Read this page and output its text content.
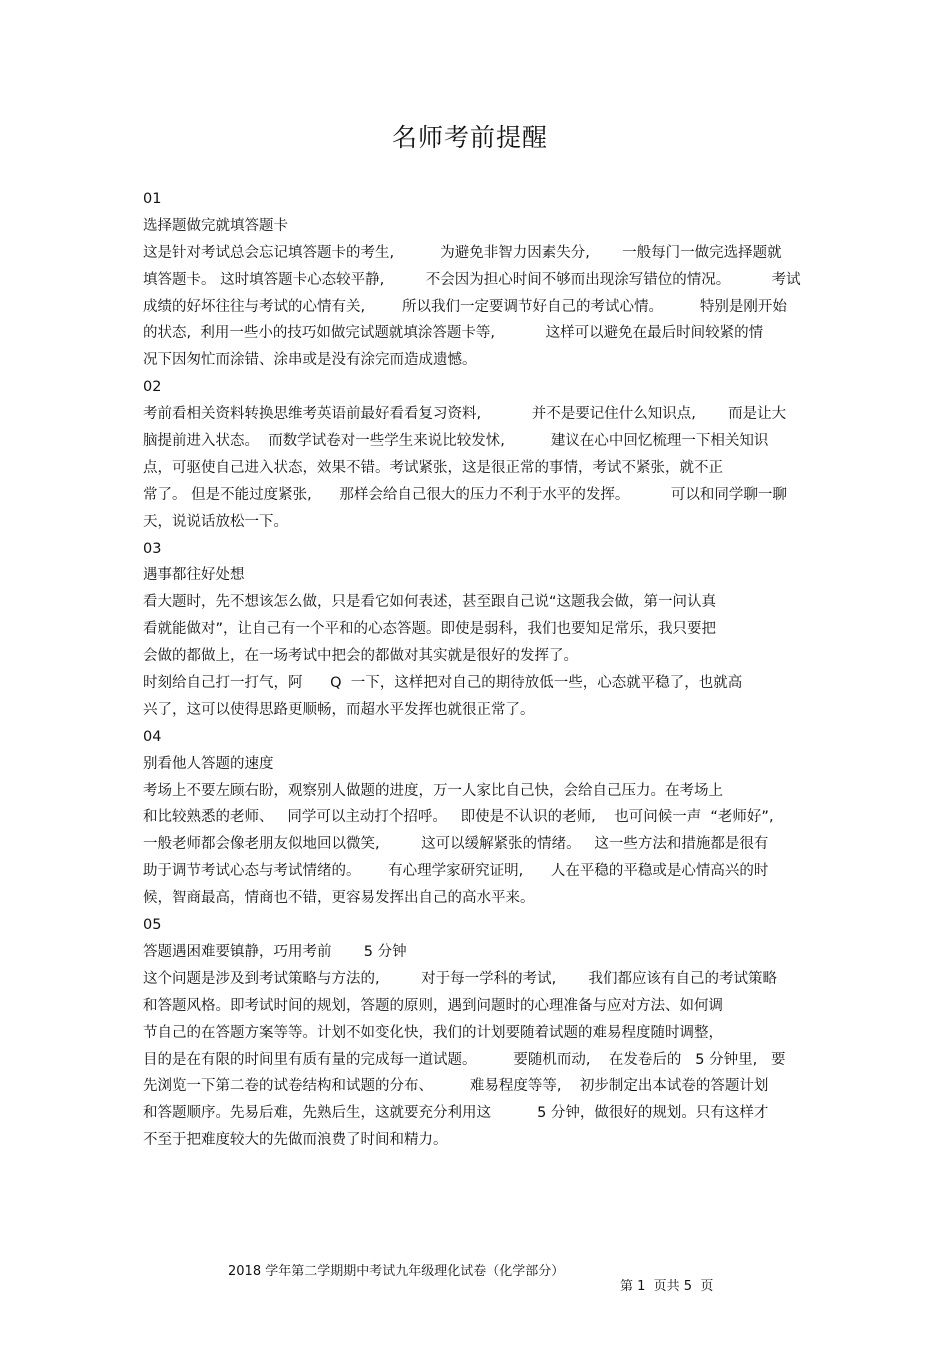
名师考前提醒
01
选择题做完就填答题卡
这是针对考试总会忘记填答题卡的考生,          为避免非智力因素失分,       一般每门一做完选择题就
填答题卡。 这时填答题卡心态较平静,         不会因为担心时间不够而出现涂写错位的情况。         考试
成绩的好坏往往与考试的心情有关,        所以我们一定要调节好自己的考试心情。        特别是刚开始
的状态,  利用一些小的技巧如做完试题就填涂答题卡等,           这样可以避免在最后时间较紧的情
况下因匆忙而涂错、涂串或是没有涂完而造成遗憾。
02
考前看相关资料转换思维考英语前最好看看复习资料,           并不是要记住什么知识点,       而是让大
脑提前进入状态。  而数学试卷对一些学生来说比较发怵,          建议在心中回忆梳理一下相关知识
点，可驱使自己进入状态，效果不错。考试紧张，这是很正常的事情，考试不紧张，就不正
常了。 但是不能过度紧张,      那样会给自己很大的压力不利于水平的发挥。         可以和同学聊一聊
天，说说话放松一下。
03
遇事都往好处想
看大题时，先不想该怎么做，只是看它如何表述，甚至跟自己说“这题我会做，第一问认真
看就能做对”，让自己有一个平和的心态答题。即使是弱科，我们也要知足常乐，我只要把
会做的都做上，在一场考试中把会的都做对其实就是很好的发挥了。
时刻给自己打一打气，阿      Q  一下，这样把对自己的期待放低一些，心态就平稳了，也就高
兴了，这可以使得思路更顺畅，而超水平发挥也就很正常了。
04
别看他人答题的速度
考场上不要左顾右盼，观察别人做题的进度，万一人家比自己快，会给自己压力。在考场上
和比较熟悉的老师、   同学可以主动打个招呼。   即使是不认识的老师,    也可问候一声  “老师好”,
一般老师都会像老朋友似地回以微笑,         这可以缓解紧张的情绪。   这一些方法和措施都是很有
助于调节考试心态与考试情绪的。      有心理学家研究证明,      人在平稳的平稳或是心情高兴的时
候，智商最高，情商也不错，更容易发挥出自己的高水平来。
05
答题遇困难要镇静，巧用考前       5 分钟
这个问题是涉及到考试策略与方法的,         对于每一学科的考试,       我们都应该有自己的考试策略
和答题风格。即考试时间的规划，答题的原则，遇到问题时的心理准备与应对方法、如何调
节自己的在答题方案等等。计划不如变化快，我们的计划要随着试题的难易程度随时调整，
目的是在有限的时间里有质有量的完成每一道试题。        要随机而动,    在发卷后的   5 分钟里,   要
先浏览一下第二卷的试卷结构和试题的分布、        难易程度等等,    初步制定出本试卷的答题计划
和答题顺序。先易后难，先熟后生，这就要充分利用这          5 分钟，做很好的规划。只有这样才
不至于把难度较大的先做而浪费了时间和精力。

2018 学年第二学期期中考试九年级理化试卷（化学部分）

第 1  页共 5  页
